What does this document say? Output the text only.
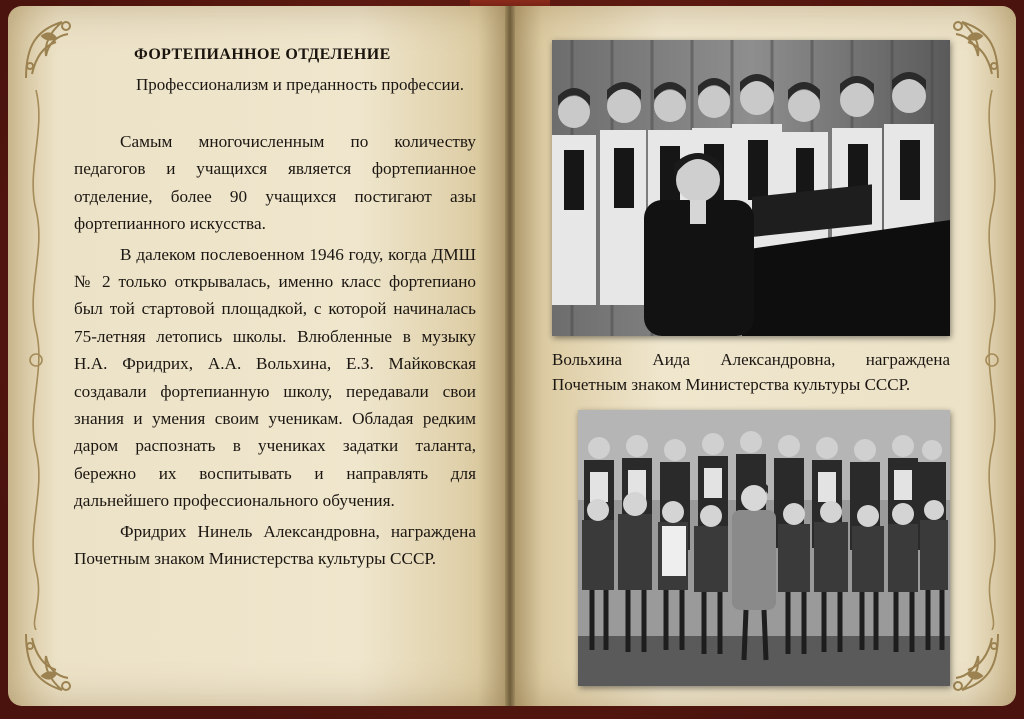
ФОРТЕПИАННОЕ ОТДЕЛЕНИЕ
Профессионализм и преданность профессии.

Самым многочисленным по количеству педагогов и учащихся является фортепианное отделение, более 90 учащихся постигают азы фортепианного искусства.

В далеком послевоенном 1946 году, когда ДМШ № 2 только открывалась, именно класс фортепиано был той стартовой площадкой, с которой начиналась 75-летняя летопись школы. Влюбленные в музыку Н.А. Фридрих, А.А. Вольхина, Е.З. Майковская создавали фортепианную школу, передавали свои знания и умения своим ученикам. Обладая редким даром распознать в учениках задатки таланта, бережно их воспитывать и направлять для дальнейшего профессионального обучения.

Фридрих Нинель Александровна, награждена Почетным знаком Министерства культуры СССР.

Вольхина Аида Александровна, награждена Почетным знаком Министерства культуры СССР.
